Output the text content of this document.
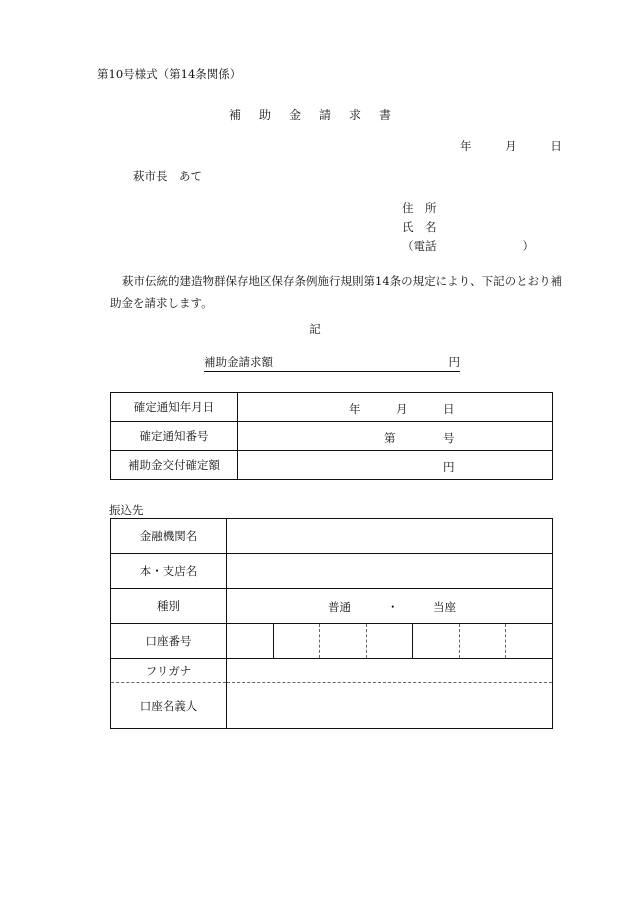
第10号様式（第14条関係）
補助金請求書
年	月	日
萩市長　あて
住　所
氏　名
（電話	）
萩市伝統的建造物群保存地区保存条例施行規則第14条の規定により、下記のとおり補助金を請求します。
記
補助金請求額	円
確定通知年月日	年 月 日

確定通知番号	第 号

補助金交付確定額	円
振込先
金融機関名	
本・支店名	
種別	普通 ・ 当座

口座番号	

フリガナ	
口座名義人	
